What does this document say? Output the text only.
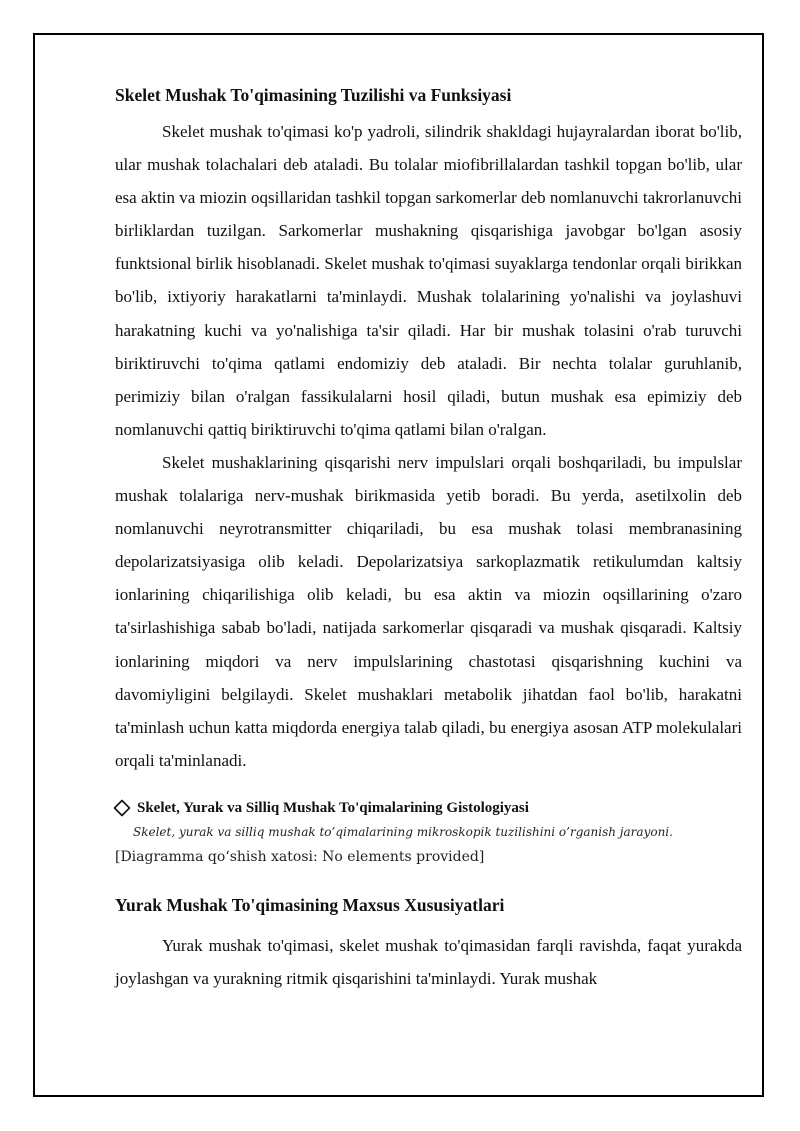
Skelet Mushak To'qimasining Tuzilishi va Funksiyasi

Skelet mushak to'qimasi ko'p yadroli, silindrik shakldagi hujayralardan iborat bo'lib, ular mushak tolachalari deb ataladi. Bu tolalar miofibrillalardan tashkil topgan bo'lib, ular esa aktin va miozin oqsillaridan tashkil topgan sarkomerlar deb nomlanuvchi takrorlanuvchi birliklardan tuzilgan. Sarkomerlar mushakning qisqarishiga javobgar bo'lgan asosiy funktsional birlik hisoblanadi. Skelet mushak to'qimasi suyaklarga tendonlar orqali birikkan bo'lib, ixtiyoriy harakatlarni ta'minlaydi. Mushak tolalarining yo'nalishi va joylashuvi harakatning kuchi va yo'nalishiga ta'sir qiladi. Har bir mushak tolasini o'rab turuvchi biriktiruvchi to'qima qatlami endomiziy deb ataladi. Bir nechta tolalar guruhlanib, perimiziy bilan o'ralgan fassikulalarni hosil qiladi, butun mushak esa epimiziy deb nomlanuvchi qattiq biriktiruvchi to'qima qatlami bilan o'ralgan.

Skelet mushaklarining qisqarishi nerv impulslari orqali boshqariladi, bu impulslar mushak tolalariga nerv-mushak birikmasida yetib boradi. Bu yerda, asetilxolin deb nomlanuvchi neyrotransmitter chiqariladi, bu esa mushak tolasi membranasining depolarizatsiyasiga olib keladi. Depolarizatsiya sarkoplazmatik retikulumdan kaltsiy ionlarining chiqarilishiga olib keladi, bu esa aktin va miozin oqsillarining o'zaro ta'sirlashishiga sabab bo'ladi, natijada sarkomerlar qisqaradi va mushak qisqaradi. Kaltsiy ionlarining miqdori va nerv impulslarining chastotasi qisqarishning kuchini va davomiyligini belgilaydi. Skelet mushaklari metabolik jihatdan faol bo'lib, harakatni ta'minlash uchun katta miqdorda energiya talab qiladi, bu energiya asosan ATP molekulalari orqali ta'minlanadi.

Skelet, Yurak va Silliq Mushak To'qimalarining Gistologiyasi
Skelet, yurak va silliq mushak to’qimalarining mikroskopik tuzilishini o’rganish jarayoni.
[Diagramma qo‘shish xatosi: No elements provided]
Yurak Mushak To'qimasining Maxsus Xususiyatlari

Yurak mushak to'qimasi, skelet mushak to'qimasidan farqli ravishda, faqat yurakda joylashgan va yurakning ritmik qisqarishini ta'minlaydi. Yurak mushak
